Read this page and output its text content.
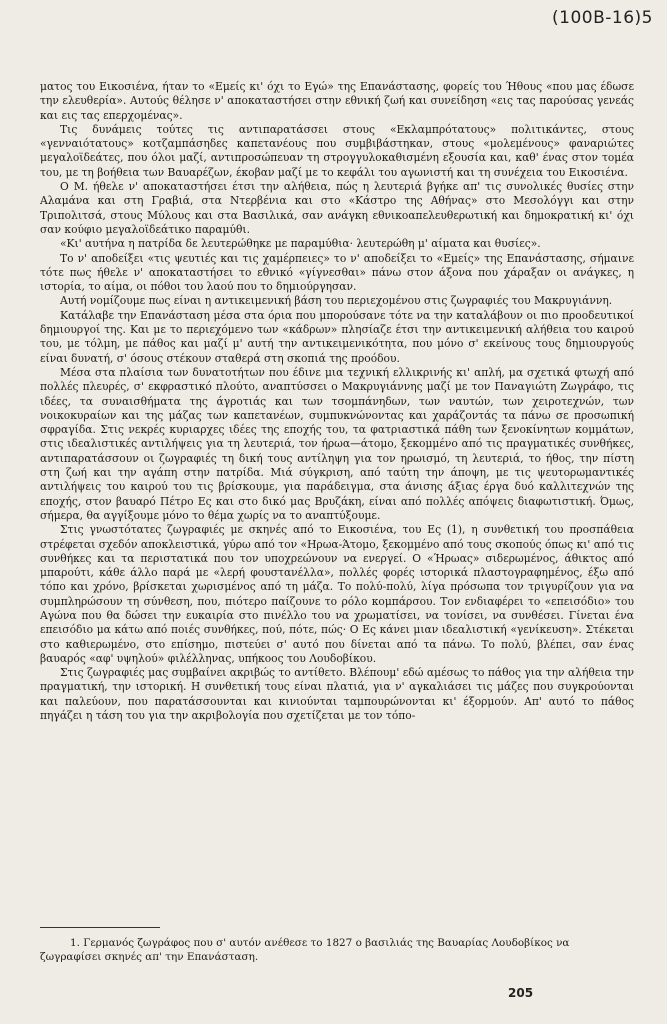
(100Β-16)5

ματος του Εικοσιένα, ήταν το «Εμείς κι' όχι το Εγώ» της Επανάστασης, φορείς του Ήθους «που μας έδωσε την ελευθερία». Αυτούς θέλησε ν' αποκαταστήσει στην εθνική ζωή και συνείδηση «εις τας παρούσας γενεάς και εις τας επερχομένας».

Τις δυνάμεις τούτες τις αντιπαρατάσσει στους «Εκλαμπρότατους» πολιτικάντες, στους «γενναιότατους» κοτζαμπάσηδες καπετανέους που συμβιβάστηκαν, στους «μολεμένους» φαναριώτες μεγαλοϊδεάτες, που όλοι μαζί, αντιπροσώπευαν τη στρογγυλοκαθισμένη εξουσία και, καθ' ένας στον τομέα του, με τη βοήθεια των Βαυαρέζων, έκοβαν μαζί με το κεφάλι του αγωνιστή και τη συνέχεια του Εικοσιένα.

Ο Μ. ήθελε ν' αποκαταστήσει έτσι την αλήθεια, πώς η λευτεριά βγήκε απ' τις συνολικές θυσίες στην Αλαμάνα και στη Γραβιά, στα Ντερβένια και στο «Κάστρο της Αθήνας» στο Μεσολόγγι και στην Τριπολιτσά, στους Μύλους και στα Βασιλικά, σαν ανάγκη εθνικοαπελευθερωτική και δημοκρατική κι' όχι σαν κούφιο μεγαλοϊδεάτικο παραμύθι.

«Κι' αυτήνα η πατρίδα δε λευτερώθηκε με παραμύθια· λευτερώθη μ' αίματα και θυσίες».

Το ν' αποδείξει «τις ψευτιές και τις χαμέρπειες» το ν' αποδείξει το «Εμείς» της Επανάστασης, σήμαινε τότε πως ήθελε ν' αποκαταστήσει το εθνικό «γίγνεσθαι» πάνω στον άξονα που χάραξαν οι ανάγκες, η ιστορία, το αίμα, οι πόθοι του λαού που το δημιούργησαν.

Αυτή νομίζουμε πως είναι η αντικειμενική βάση του περιεχομένου στις ζωγραφιές του Μακρυγιάννη.

Κατάλαβε την Επανάσταση μέσα στα όρια που μπορούσανε τότε να την καταλάβουν οι πιο προοδευτικοί δημιουργοί της. Και με το περιεχόμενο των «κάδρων» πλησίαζε έτσι την αντικειμενική αλήθεια του καιρού του, με τόλμη, με πάθος και μαζί μ' αυτή την αντικειμενικότητα, που μόνο σ' εκείνους τους δημιουργούς είναι δυνατή, σ' όσους στέκουν σταθερά στη σκοπιά της προόδου.

Μέσα στα πλαίσια των δυνατοτήτων που έδινε μια τεχνική ελλικρινής κι' απλή, μα σχετικά φτωχή από πολλές πλευρές, σ' εκφραστικό πλούτο, αναπτύσσει ο Μακρυγιάννης μαζί με τον Παναγιώτη Ζωγράφο, τις ιδέες, τα συναισθήματα της άγροτιάς και των τσομπάνηδων, των ναυτών, των χειροτεχνών, των νοικοκυραίων και της μάζας των καπετανέων, συμπυκνώνοντας και χαράζοντάς τα πάνω σε προσωπική σφραγίδα. Στις νεκρές κυριαρχες ιδέες της εποχής του, τα φατριαστικά πάθη των ξενοκίνητων κομμάτων, στις ιδεαλιστικές αντιλήψεις για τη λευτεριά, τον ήρωα—άτομο, ξεκομμένο από τις πραγματικές συνθήκες, αντιπαρατάσσουν οι ζωγραφιές τη δική τους αντίληψη για τον ηρωισμό, τη λευτεριά, το ήθος, την πίστη στη ζωή και την αγάπη στην πατρίδα. Μιά σύγκριση, από ταύτη την άποψη, με τις ψευτορωμαντικές αντιλήψεις του καιρού του τις βρίσκουμε, για παράδειγμα, στα άνισης άξιας έργα δυό καλλιτεχνών της εποχής, στον βαυαρό Πέτρο Ες και στο δικό μας Βρυζάκη, είναι από πολλές απόψεις διαφωτιστική. Όμως, σήμερα, θα αγγίξουμε μόνο το θέμα χωρίς να το αναπτύξουμε.

Στις γνωστότατες ζωγραφιές με σκηνές από το Εικοσιένα, του Ες (1), η συνθετική του προσπάθεια στρέφεται σχεδόν αποκλειστικά, γύρω από τον «Ηρωα-Άτομο, ξεκομμένο από τους σκοπούς όπως κι' από τις συνθήκες και τα περιστατικά που τον υποχρεώνουν να ενεργεί. Ο «Ήρωας» σιδερωμένος, άθικτος από μπαρούτι, κάθε άλλο παρά με «λερή φουστανέλλα», πολλές φορές ιστορικά πλαστογραφημένος, έξω από τόπο και χρόνο, βρίσκεται χωρισμένος από τη μάζα. Το πολύ-πολύ, λίγα πρόσωπα τον τριγυρίζουν για να συμπληρώσουν τη σύνθεση, που, πιότερο παίζουνε το ρόλο κομπάρσου. Τον ενδιαφέρει το «επεισόδιο» του Αγώνα που θα δώσει την ευκαιρία στο πινέλλο του να χρωματίσει, να τονίσει, να συνθέσει. Γίνεται ένα επεισόδιο μα κάτω από ποιές συνθήκες, πού, πότε, πώς· Ο Ες κάνει μιαν ιδεαλιστική «γενίκευση». Στέκεται στο καθιερωμένο, στο επίσημο, πιστεύει σ' αυτό που δίνεται από τα πάνω. Το πολύ, βλέπει, σαν ένας βαυαρός «αφ' υψηλού» φιλέλληνας, υπήκοος του Λουδοβίκου.

Στις ζωγραφιές μας συμβαίνει ακριβώς το αντίθετο. Βλέπουμ' εδώ αμέσως το πάθος για την αλήθεια την πραγματική, την ιστορική. Η συνθετική τους είναι πλατιά, για ν' αγκαλιάσει τις μάζες που συγκρούονται και παλεύουν, που παρατάσσουνται και κινιούνται ταμπουρώνονται κι' έξορμούν. Απ' αυτό το πάθος πηγάζει η τάση του για την ακριβολογία που σχετίζεται με τον τόπο-

1. Γερμανός ζωγράφος που σ' αυτόν ανέθεσε το 1827 ο βασιλιάς της Βαυαρίας Λουδοβίκος να ζωγραφίσει σκηνές απ' την Επανάσταση.
205
